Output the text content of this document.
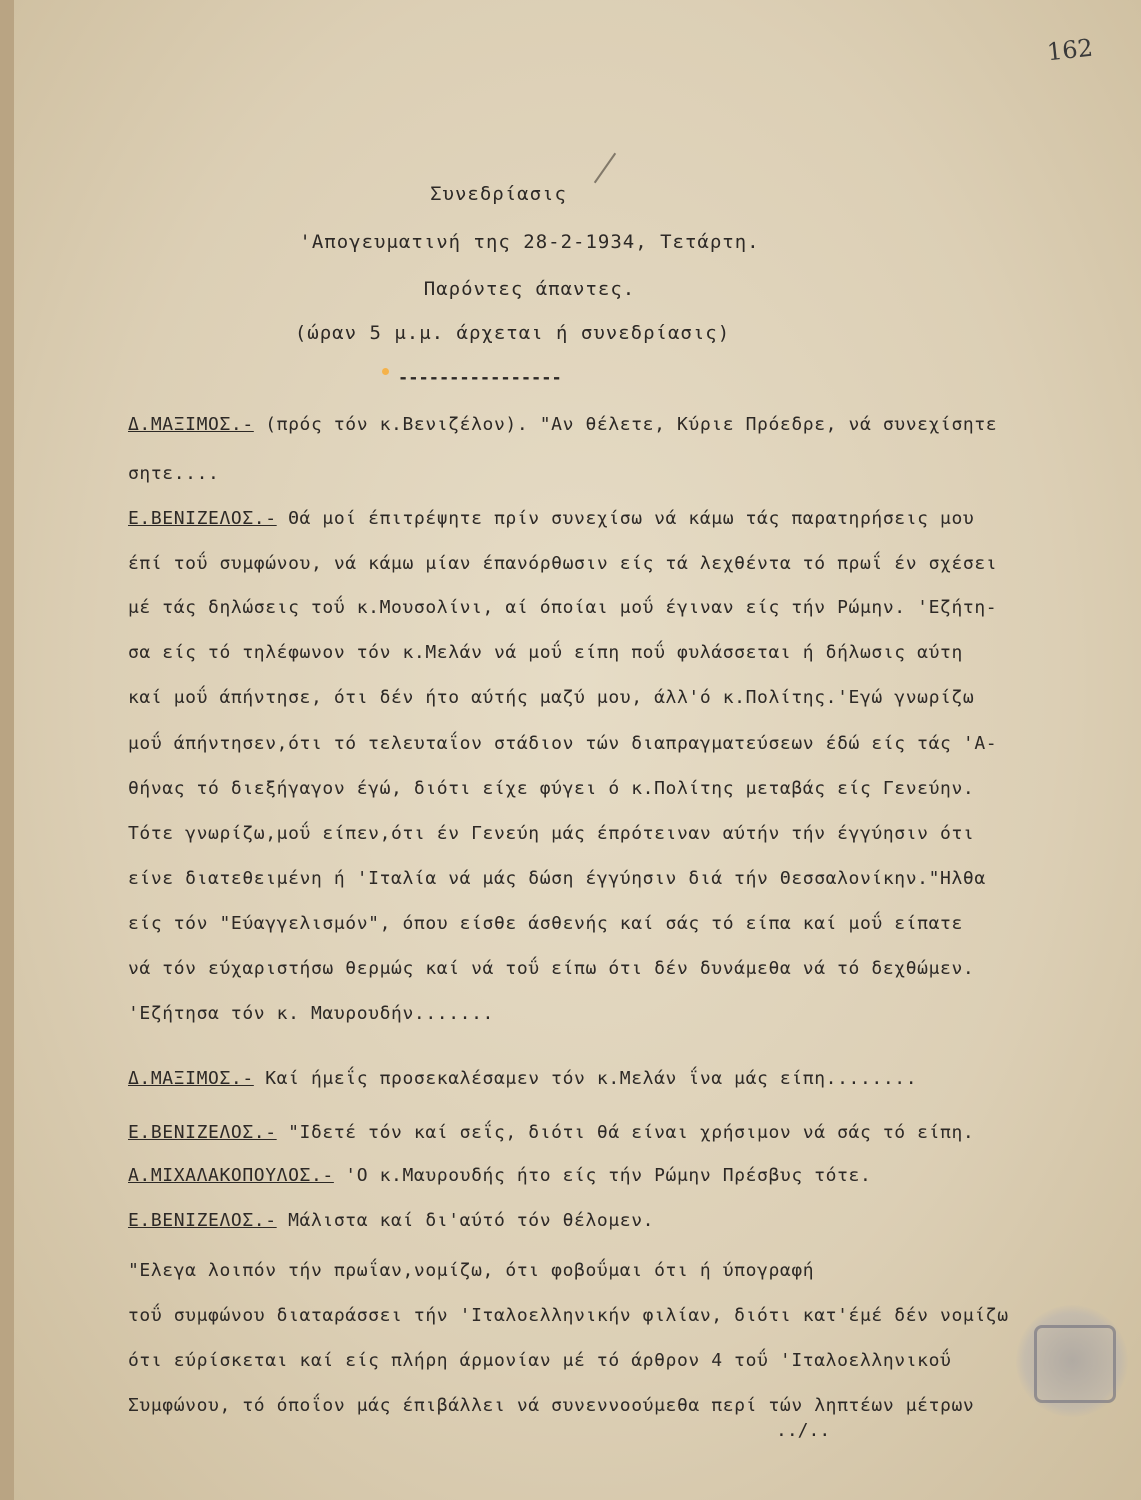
162
Συνεδρίασις
'Απογευματινή της 28-2-1934, Τετάρτη.
Παρόντες άπαντες.
(ώραν 5 μ.μ. άρχεται ή συνεδρίασις)
----------------
Δ.ΜΑΞΙΜΟΣ.- (πρός τόν κ.Βενιζέλον). "Αν θέλετε, Κύριε Πρόεδρε, νά συνεχίσητε
σητε....
Ε.ΒΕΝΙΖΕΛΟΣ.- Θά μοί έπιτρέψητε πρίν συνεχίσω νά κάμω τάς παρατηρήσεις μου
έπί τοΰ συμφώνου, νά κάμω μίαν έπανόρθωσιν είς τά λεχθέντα τό πρωΐ έν σχέσει
μέ τάς δηλώσεις τοΰ κ.Μουσολίνι, αί όποίαι μοΰ έγιναν είς τήν Ρώμην. 'Εζήτη-
σα είς τό τηλέφωνον τόν κ.Μελάν νά μοΰ είπη ποΰ φυλάσσεται ή δήλωσις αύτη
καί μοΰ άπήντησε, ότι δέν ήτο αύτής μαζύ μου, άλλ'ό κ.Πολίτης.'Εγώ γνωρίζω
μοΰ άπήντησεν,ότι τό τελευταΐον στάδιον τών διαπραγματεύσεων έδώ είς τάς 'Α-
θήνας τό διεξήγαγον έγώ, διότι είχε φύγει ό κ.Πολίτης μεταβάς είς Γενεύην.
Τότε γνωρίζω,μοΰ είπεν,ότι έν Γενεύη μάς έπρότειναν αύτήν τήν έγγύησιν ότι
είνε διατεθειμένη ή 'Ιταλία νά μάς δώση έγγύησιν διά τήν Θεσσαλονίκην."Ηλθα
είς τόν "Εύαγγελισμόν", όπου είσθε άσθενής καί σάς τό είπα καί μοΰ είπατε
νά τόν εύχαριστήσω θερμώς καί νά τοΰ είπω ότι δέν δυνάμεθα νά τό δεχθώμεν.
'Εζήτησα τόν κ. Μαυρουδήν.......
Δ.ΜΑΞΙΜΟΣ.- Καί ήμεΐς προσεκαλέσαμεν τόν κ.Μελάν ΐνα μάς είπη........
Ε.ΒΕΝΙΖΕΛΟΣ.- "Ιδετέ τόν καί σεΐς, διότι θά είναι χρήσιμον νά σάς τό είπη.
Α.ΜΙΧΑΛΑΚΟΠΟΥΛΟΣ.- 'Ο κ.Μαυρουδής ήτο είς τήν Ρώμην Πρέσβυς τότε.
Ε.ΒΕΝΙΖΕΛΟΣ.- Μάλιστα καί δι'αύτό τόν θέλομεν.
"Ελεγα λοιπόν τήν πρωΐαν,νομίζω, ότι φοβοΰμαι ότι ή ύπογραφή
τοΰ συμφώνου διαταράσσει τήν 'Ιταλοελληνικήν φιλίαν, διότι κατ'έμέ δέν νομίζω
ότι εύρίσκεται καί είς πλήρη άρμονίαν μέ τό άρθρον 4 τοΰ 'Ιταλοελληνικοΰ
Συμφώνου, τό όποΐον μάς έπιβάλλει νά συνεννοούμεθα περί τών ληπτέων μέτρων
../..
